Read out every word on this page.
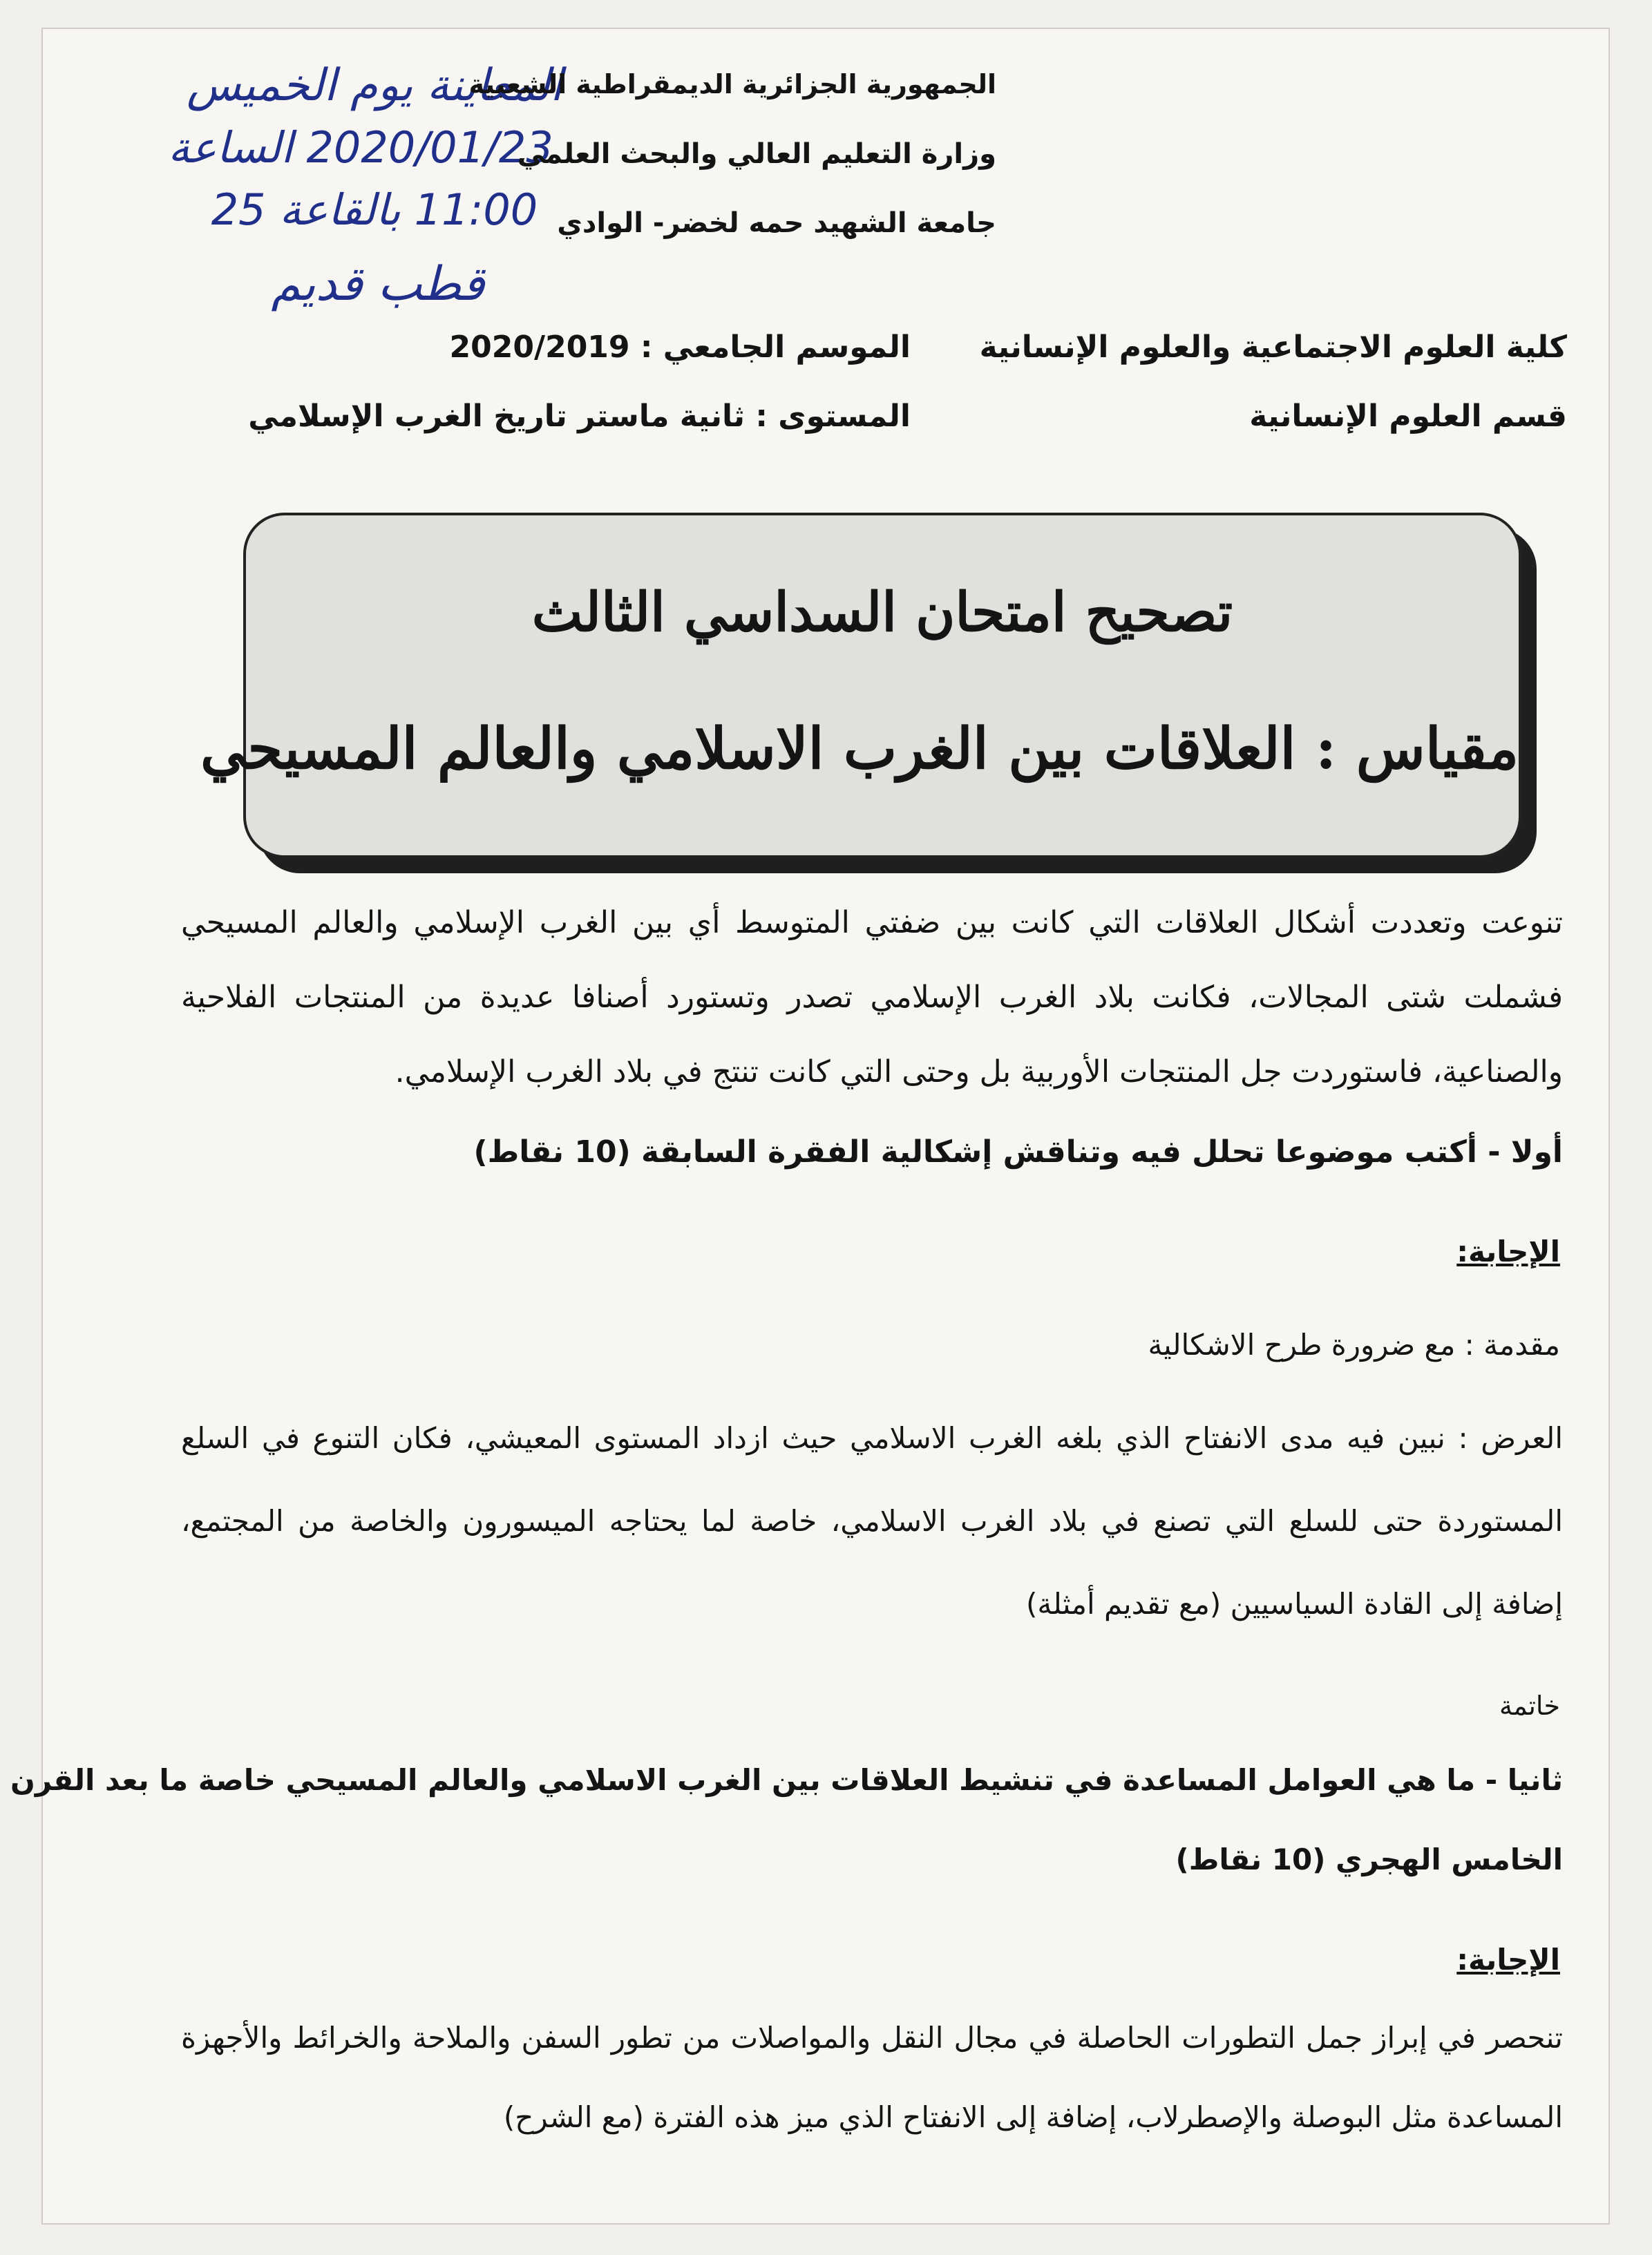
المعاينة يوم الخميس
2020/01/23 الساعة
11:00 بالقاعة 25
قطب قديم
الجمهورية الجزائرية الديمقراطية الشعبية
وزارة التعليم العالي والبحث العلمي
جامعة الشهيد حمه لخضر- الوادي
كلية العلوم الاجتماعية والعلوم الإنسانية
قسم العلوم الإنسانية
الموسم الجامعي : 2020/2019
المستوى : ثانية ماستر تاريخ الغرب الإسلامي
تصحيح امتحان السداسي الثالث
مقياس : العلاقات بين الغرب الاسلامي والعالم المسيحي
تنوعت وتعددت أشكال العلاقات التي كانت بين ضفتي المتوسط أي بين الغرب الإسلامي والعالم المسيحي فشملت شتى المجالات، فكانت بلاد الغرب الإسلامي تصدر وتستورد أصنافا عديدة من المنتجات الفلاحية والصناعية، فاستوردت جل المنتجات الأوربية بل وحتى التي كانت تنتج في بلاد الغرب الإسلامي.
أولا - أكتب موضوعا تحلل فيه وتناقش إشكالية الفقرة السابقة (10 نقاط)
الإجابة:
مقدمة : مع ضرورة طرح الاشكالية
العرض : نبين فيه مدى الانفتاح الذي بلغه الغرب الاسلامي حيث ازداد المستوى المعيشي، فكان التنوع في السلع المستوردة حتى للسلع التي تصنع في بلاد الغرب الاسلامي، خاصة لما يحتاجه الميسورون والخاصة من المجتمع، إضافة إلى القادة السياسيين (مع تقديم أمثلة)
خاتمة
ثانيا - ما هي العوامل المساعدة في تنشيط العلاقات بين الغرب الاسلامي والعالم المسيحي خاصة ما بعد القرن
الخامس الهجري (10 نقاط)
الإجابة:
تنحصر في إبراز جمل التطورات الحاصلة في مجال النقل والمواصلات من تطور السفن والملاحة والخرائط والأجهزة المساعدة مثل البوصلة والإصطرلاب، إضافة إلى الانفتاح الذي ميز هذه الفترة (مع الشرح)
